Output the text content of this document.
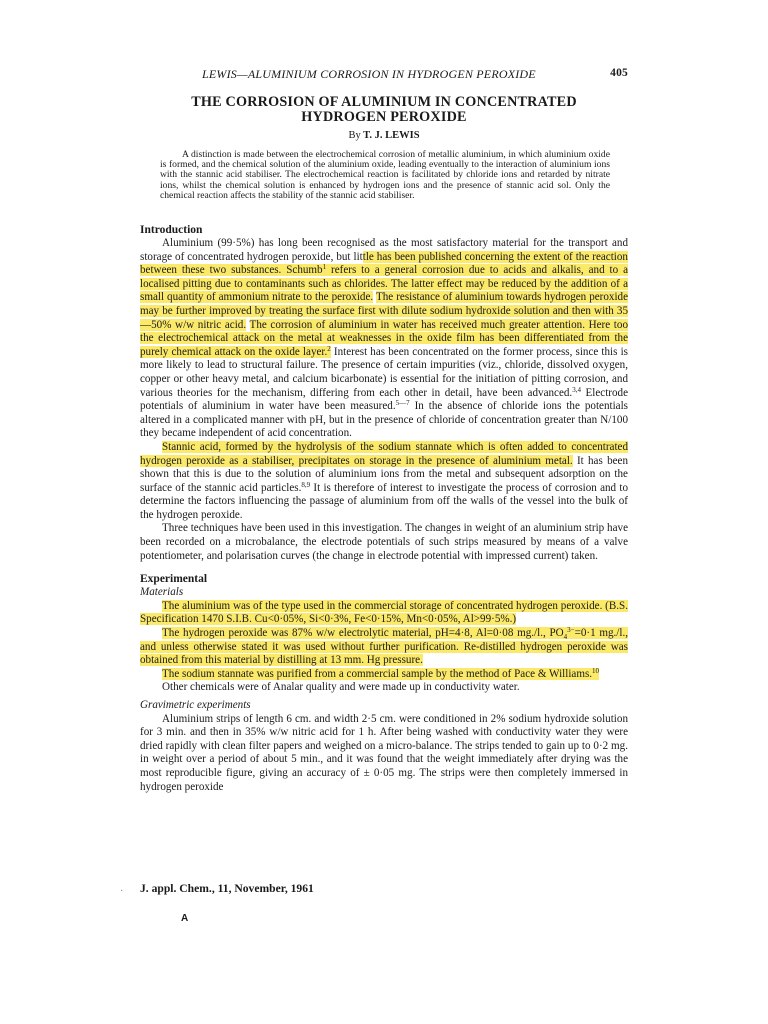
LEWIS—ALUMINIUM CORROSION IN HYDROGEN PEROXIDE	405
THE CORROSION OF ALUMINIUM IN CONCENTRATED
HYDROGEN PEROXIDE
By T. J. LEWIS
A distinction is made between the electrochemical corrosion of metallic aluminium, in which aluminium oxide is formed, and the chemical solution of the aluminium oxide, leading eventually to the interaction of aluminium ions with the stannic acid stabiliser. The electrochemical reaction is facilitated by chloride ions and retarded by nitrate ions, whilst the chemical solution is enhanced by hydrogen ions and the presence of stannic acid sol. Only the chemical reaction affects the stability of the stannic acid stabiliser.
Introduction

Aluminium (99·5%) has long been recognised as the most satisfactory material for the transport and storage of concentrated hydrogen peroxide, but little has been published concerning the extent of the reaction between these two substances. Schumb$^1$ refers to a general corrosion due to acids and alkalis, and to a localised pitting due to contaminants such as chlorides. The latter effect may be reduced by the addition of a small quantity of ammonium nitrate to the peroxide. The resistance of aluminium towards hydrogen peroxide may be further improved by treating the surface first with dilute sodium hydroxide solution and then with 35—50% w/w nitric acid. The corrosion of aluminium in water has received much greater attention. Here too the electrochemical attack on the metal at weaknesses in the oxide film has been differentiated from the purely chemical attack on the oxide layer.$^2$ Interest has been concentrated on the former process, since this is more likely to lead to structural failure. The presence of certain impurities (viz., chloride, dissolved oxygen, copper or other heavy metal, and calcium bicarbonate) is essential for the initiation of pitting corrosion, and various theories for the mechanism, differing from each other in detail, have been advanced.$^{3,4}$ Electrode potentials of aluminium in water have been measured.$^{5—7}$ In the absence of chloride ions the potentials altered in a complicated manner with pH, but in the presence of chloride of concentration greater than N/100 they became independent of acid concentration.

Stannic acid, formed by the hydrolysis of the sodium stannate which is often added to concentrated hydrogen peroxide as a stabiliser, precipitates on storage in the presence of aluminium metal. It has been shown that this is due to the solution of aluminium ions from the metal and subsequent adsorption on the surface of the stannic acid particles.$^{8,9}$ It is therefore of interest to investigate the process of corrosion and to determine the factors influencing the passage of aluminium from off the walls of the vessel into the bulk of the hydrogen peroxide.

Three techniques have been used in this investigation. The changes in weight of an aluminium strip have been recorded on a microbalance, the electrode potentials of such strips measured by means of a valve potentiometer, and polarisation curves (the change in electrode potential with impressed current) taken.

Experimental
Materials

The aluminium was of the type used in the commercial storage of concentrated hydrogen peroxide. (B.S. Specification 1470 S.I.B. Cu<0·05%, Si<0·3%, Fe<0·15%, Mn<0·05%, Al>99·5%.)

The hydrogen peroxide was 87% w/w electrolytic material, pH=4·8, Al=0·08 mg./l., $PO_4^{3-}=0\cdot 1$ mg./l., and unless otherwise stated it was used without further purification. Re-distilled hydrogen peroxide was obtained from this material by distilling at 13 mm. Hg pressure.

The sodium stannate was purified from a commercial sample by the method of Pace & Williams.$^{10}$

Other chemicals were of Analar quality and were made up in conductivity water.

Gravimetric experiments

Aluminium strips of length 6 cm. and width 2·5 cm. were conditioned in 2% sodium hydroxide solution for 3 min. and then in 35% w/w nitric acid for 1 h. After being washed with conductivity water they were dried rapidly with clean filter papers and weighed on a micro-balance. The strips tended to gain up to 0·2 mg. in weight over a period of about 5 min., and it was found that the weight immediately after drying was the most reproducible figure, giving an accuracy of ± 0·05 mg. The strips were then completely immersed in hydrogen peroxide

· J. appl. Chem., 11, November, 1961
A
